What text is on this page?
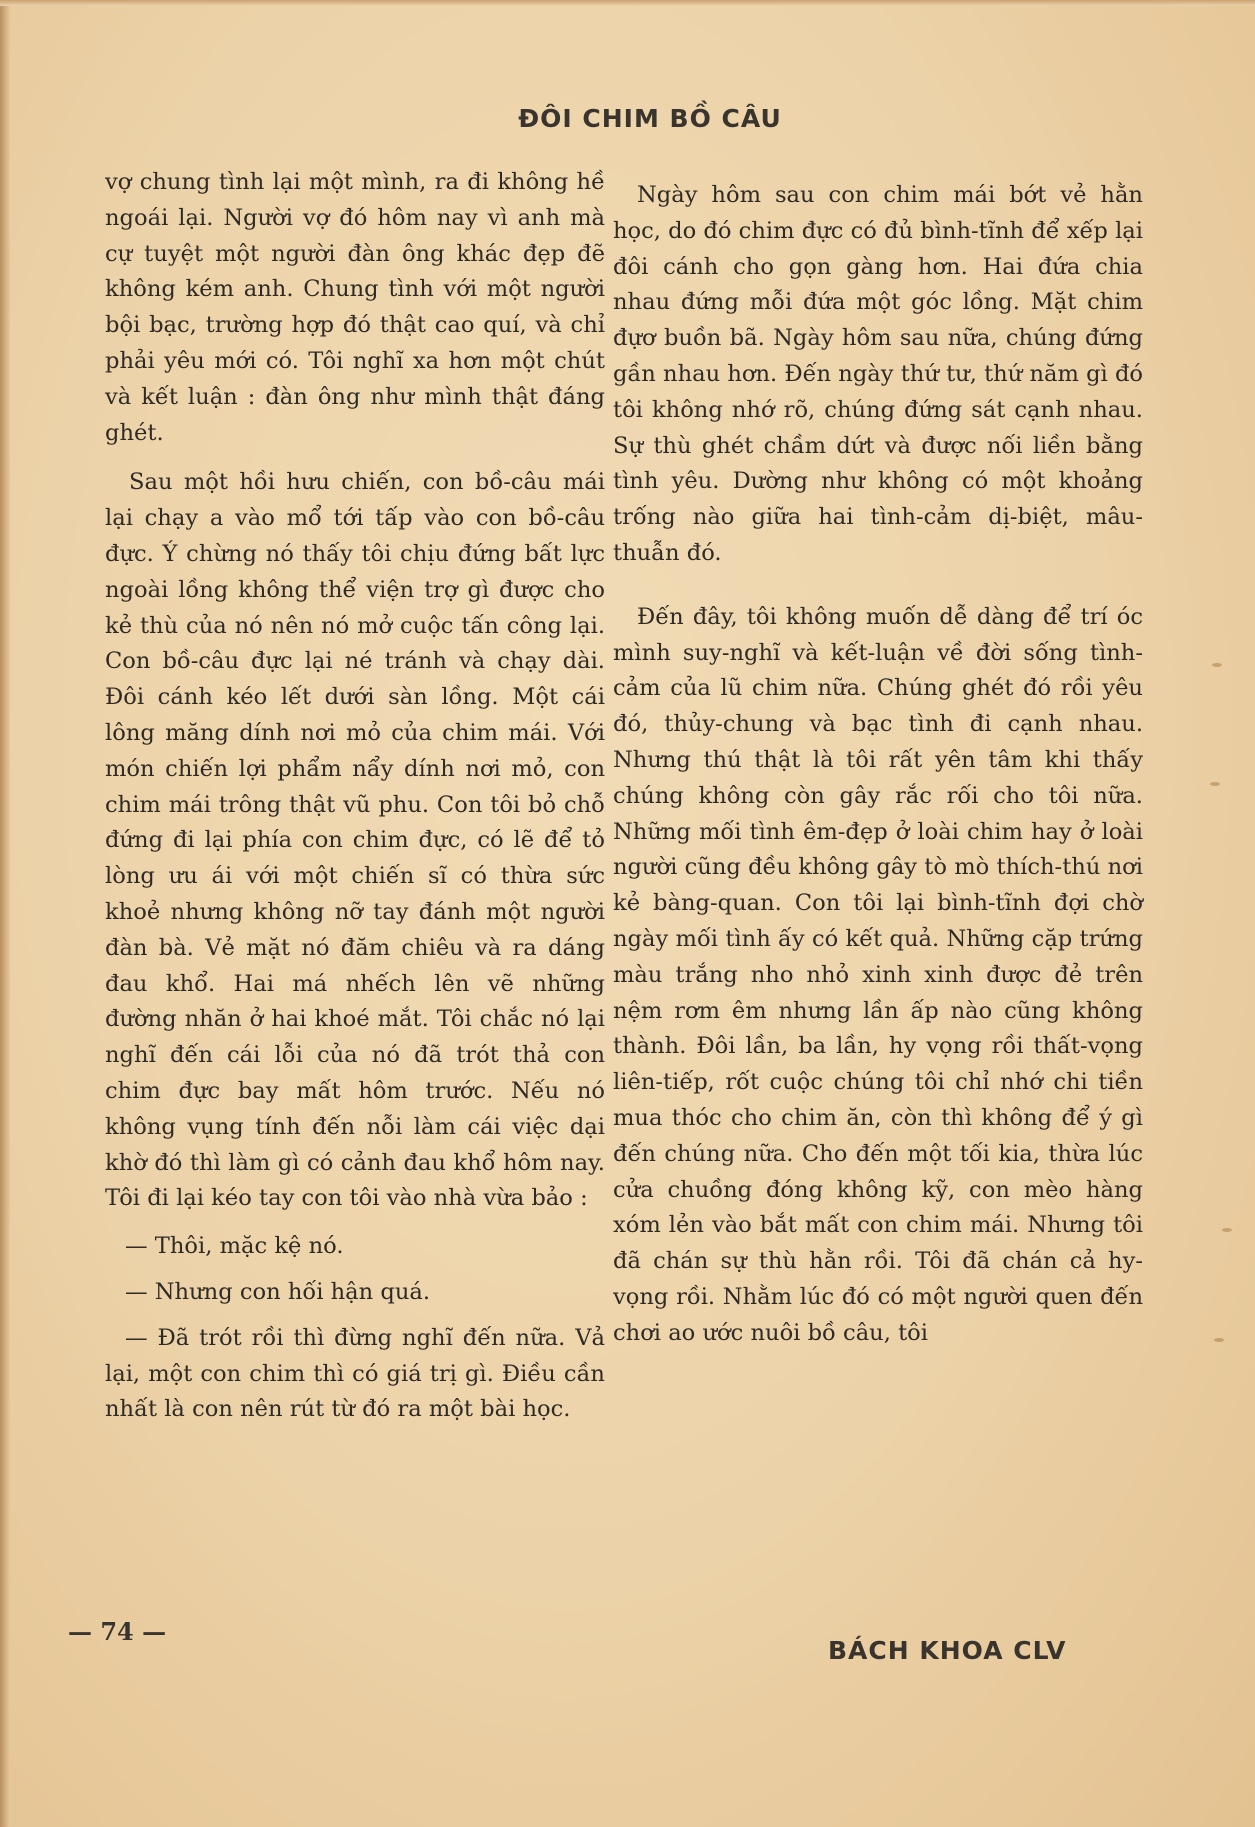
ĐÔI CHIM BỒ CÂU

vợ chung tình lại một mình, ra đi không hề ngoái lại. Người vợ đó hôm nay vì anh mà cự tuyệt một người đàn ông khác đẹp đẽ không kém anh. Chung tình với một người bội bạc, trường hợp đó thật cao quí, và chỉ phải yêu mới có. Tôi nghĩ xa hơn một chút và kết luận : đàn ông như mình thật đáng ghét.

Sau một hồi hưu chiến, con bồ-câu mái lại chạy a vào mổ tới tấp vào con bồ-câu đực. Ý chừng nó thấy tôi chịu đứng bất lực ngoài lồng không thể viện trợ gì được cho kẻ thù của nó nên nó mở cuộc tấn công lại. Con bồ-câu đực lại né tránh và chạy dài. Đôi cánh kéo lết dưới sàn lồng. Một cái lông măng dính nơi mỏ của chim mái. Với món chiến lợi phẩm nẩy dính nơi mỏ, con chim mái trông thật vũ phu. Con tôi bỏ chỗ đứng đi lại phía con chim đực, có lẽ để tỏ lòng ưu ái với một chiến sĩ có thừa sức khoẻ nhưng không nỡ tay đánh một người đàn bà. Vẻ mặt nó đăm chiêu và ra dáng đau khổ. Hai má nhếch lên vẽ những đường nhăn ở hai khoé mắt. Tôi chắc nó lại nghĩ đến cái lỗi của nó đã trót thả con chim đực bay mất hôm trước. Nếu nó không vụng tính đến nỗi làm cái việc dại khờ đó thì làm gì có cảnh đau khổ hôm nay. Tôi đi lại kéo tay con tôi vào nhà vừa bảo :

— Thôi, mặc kệ nó.

— Nhưng con hối hận quá.

— Đã trót rồi thì đừng nghĩ đến nữa. Vả lại, một con chim thì có giá trị gì. Điều cần nhất là con nên rút từ đó ra một bài học.

Ngày hôm sau con chim mái bớt vẻ hằn học, do đó chim đực có đủ bình-tĩnh để xếp lại đôi cánh cho gọn gàng hơn. Hai đứa chia nhau đứng mỗi đứa một góc lồng. Mặt chim đựơ buồn bã. Ngày hôm sau nữa, chúng đứng gần nhau hơn. Đến ngày thứ tư, thứ năm gì đó tôi không nhớ rõ, chúng đứng sát cạnh nhau. Sự thù ghét chầm dứt và được nối liền bằng tình yêu. Dường như không có một khoảng trống nào giữa hai tình-cảm dị-biệt, mâu-thuẫn đó.

Đến đây, tôi không muốn dễ dàng để trí óc mình suy-nghĩ và kết-luận về đời sống tình-cảm của lũ chim nữa. Chúng ghét đó rồi yêu đó, thủy-chung và bạc tình đi cạnh nhau. Nhưng thú thật là tôi rất yên tâm khi thấy chúng không còn gây rắc rối cho tôi nữa. Những mối tình êm-đẹp ở loài chim hay ở loài người cũng đều không gây tò mò thích-thú nơi kẻ bàng-quan. Con tôi lại bình-tĩnh đợi chờ ngày mối tình ấy có kết quả. Những cặp trứng màu trắng nho nhỏ xinh xinh được đẻ trên nệm rơm êm nhưng lần ấp nào cũng không thành. Đôi lần, ba lần, hy vọng rồi thất-vọng liên-tiếp, rốt cuộc chúng tôi chỉ nhớ chi tiền mua thóc cho chim ăn, còn thì không để ý gì đến chúng nữa. Cho đến một tối kia, thừa lúc cửa chuồng đóng không kỹ, con mèo hàng xóm lẻn vào bắt mất con chim mái. Nhưng tôi đã chán sự thù hằn rồi. Tôi đã chán cả hy-vọng rồi. Nhằm lúc đó có một người quen đến chơi ao ước nuôi bồ câu, tôi

— 74 —
BÁCH KHOA CLV
